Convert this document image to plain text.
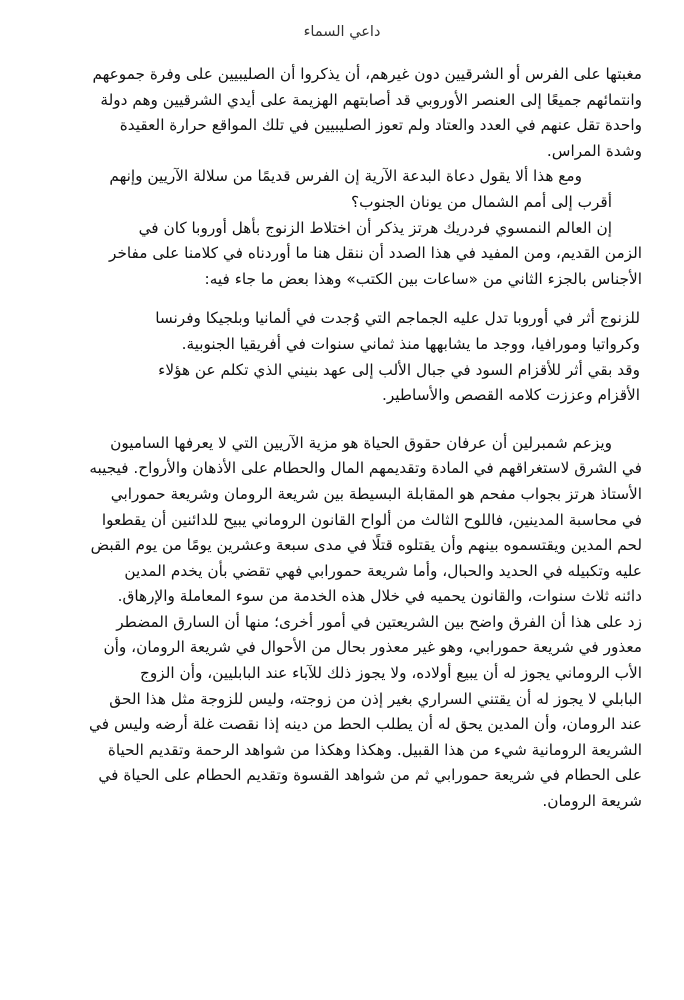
داعي السماء

مغبتها على الفرس أو الشرقيين دون غيرهم، أن يذكروا أن الصليبيين على وفرة جموعهم
وانتمائهم جميعًا إلى العنصر الأوروبي قد أصابتهم الهزيمة على أيدي الشرقيين وهم دولة
واحدة تقل عنهم في العدد والعتاد ولم تعوز الصليبيين في تلك المواقع حرارة العقيدة
وشدة المراس.

ومع هذا ألا يقول دعاة البدعة الآرية إن الفرس قديمًا من سلالة الآريين وإنهم
أقرب إلى أمم الشمال من يونان الجنوب؟

إن العالم النمسوي فردريك هرتز يذكر أن اختلاط الزنوج بأهل أوروبا كان في
الزمن القديم، ومن المفيد في هذا الصدد أن ننقل هنا ما أوردناه في كلامنا على مفاخر
الأجناس بالجزء الثاني من «ساعات بين الكتب» وهذا بعض ما جاء فيه:

للزنوج أثر في أوروبا تدل عليه الجماجم التي وُجدت في ألمانيا وبلجيكا وفرنسا
وكرواتيا ومورافيا، ووجد ما يشابهها منذ ثماني سنوات في أفريقيا الجنوبية.
وقد بقي أثر للأقزام السود في جبال الألب إلى عهد بنيني الذي تكلم عن هؤلاء
الأقزام وعززت كلامه القصص والأساطير.

ويزعم شمبرلين أن عرفان حقوق الحياة هو مزية الآريين التي لا يعرفها الساميون
في الشرق لاستغراقهم في المادة وتقديمهم المال والحطام على الأذهان والأرواح. فيجيبه
الأستاذ هرتز بجواب مفحم هو المقابلة البسيطة بين شريعة الرومان وشريعة حمورابي
في محاسبة المدينين، فاللوح الثالث من ألواح القانون الروماني يبيح للدائنين أن يقطعوا
لحم المدين ويقتسموه بينهم وأن يقتلوه قتلًا في مدى سبعة وعشرين يومًا من يوم القبض
عليه وتكبيله في الحديد والحبال، وأما شريعة حمورابي فهي تقضي بأن يخدم المدين
دائنه ثلاث سنوات، والقانون يحميه في خلال هذه الخدمة من سوء المعاملة والإرهاق.

زد على هذا أن الفرق واضح بين الشريعتين في أمور أخرى؛ منها أن السارق المضطر
معذور في شريعة حمورابي، وهو غير معذور بحال من الأحوال في شريعة الرومان، وأن
الأب الروماني يجوز له أن يبيع أولاده، ولا يجوز ذلك للآباء عند البابليين، وأن الزوج
البابلي لا يجوز له أن يقتني السراري بغير إذن من زوجته، وليس للزوجة مثل هذا الحق
عند الرومان، وأن المدين يحق له أن يطلب الحط من دينه إذا نقصت غلة أرضه وليس في
الشريعة الرومانية شيء من هذا القبيل. وهكذا وهكذا من شواهد الرحمة وتقديم الحياة
على الحطام في شريعة حمورابي ثم من شواهد القسوة وتقديم الحطام على الحياة في
شريعة الرومان.
